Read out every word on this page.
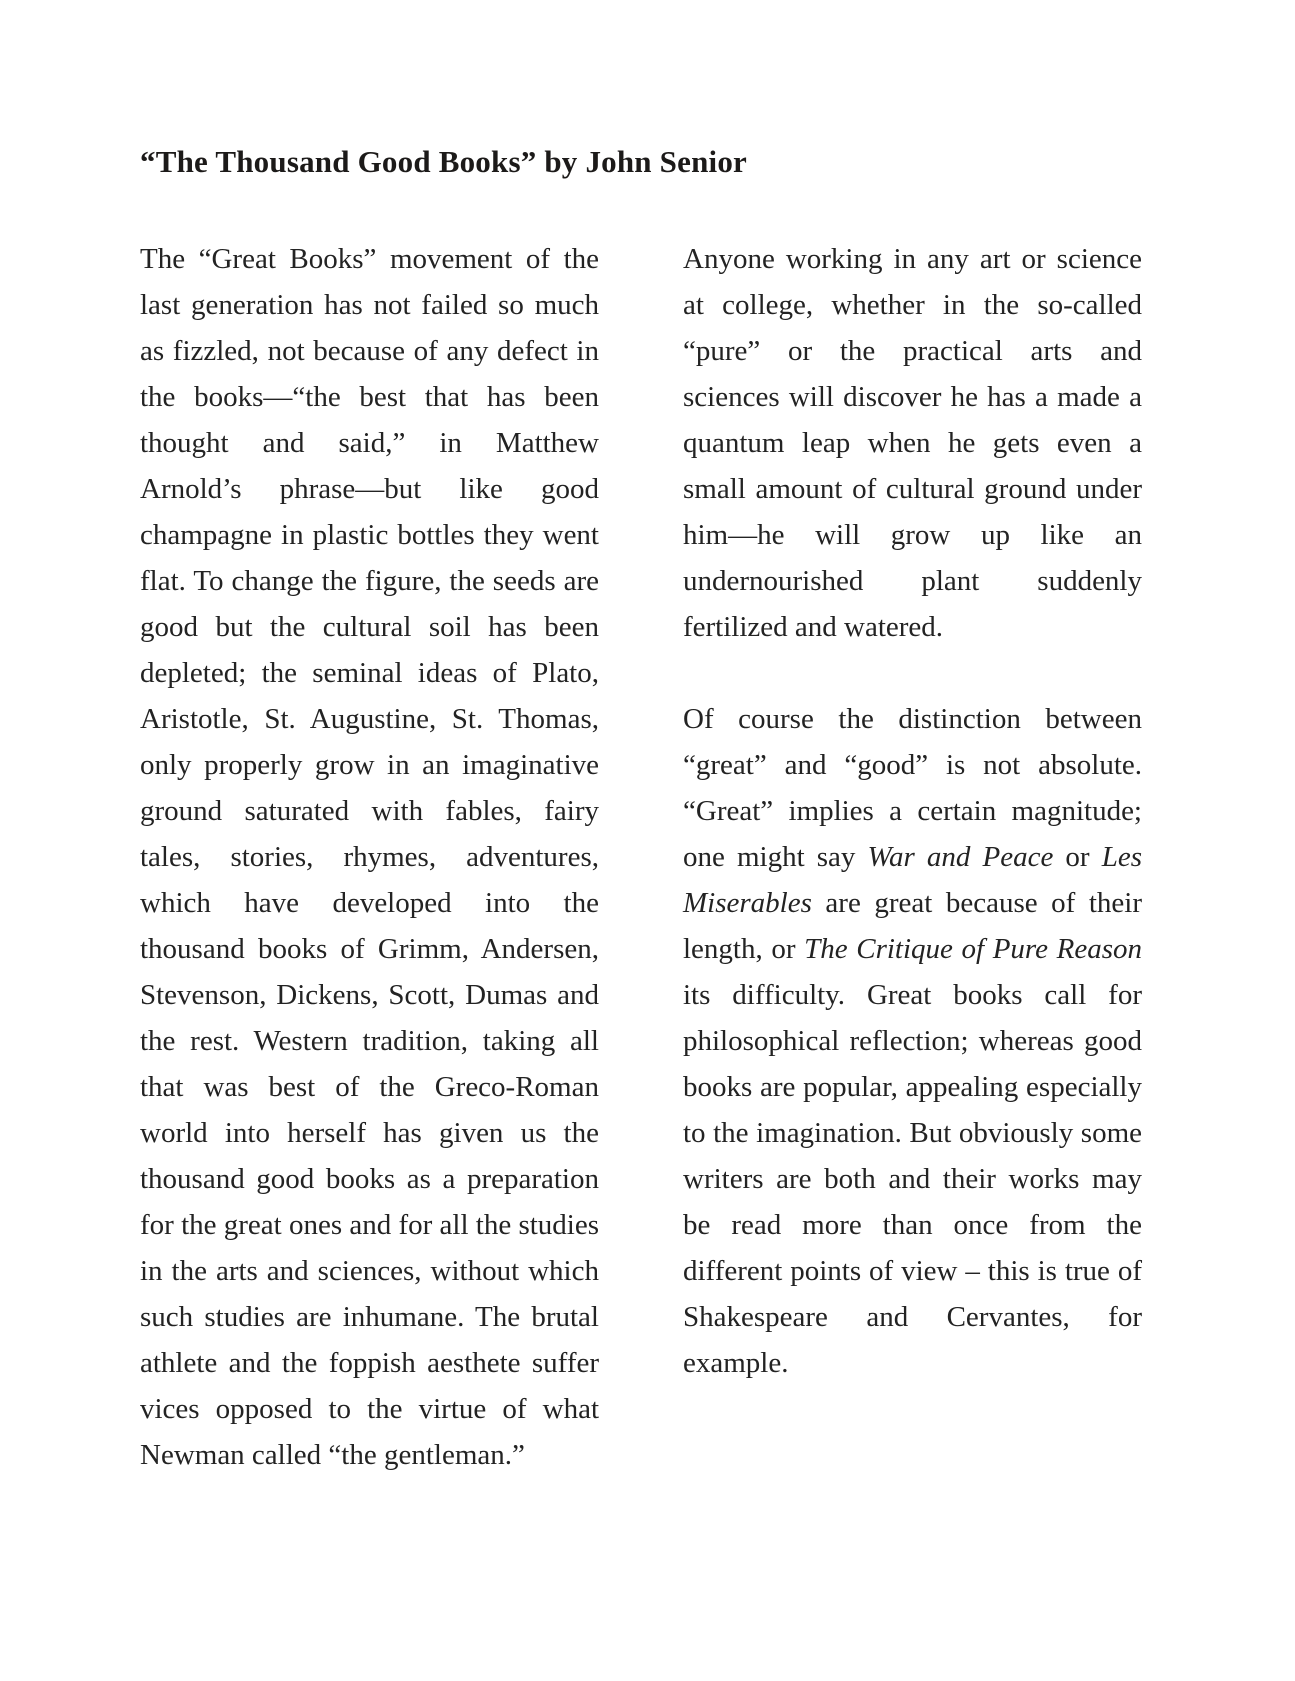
“The Thousand Good Books” by John Senior

The “Great Books” movement of the last generation has not failed so much as fizzled, not because of any defect in the books—“the best that has been thought and said,” in Matthew Arnold’s phrase—but like good champagne in plastic bottles they went flat. To change the figure, the seeds are good but the cultural soil has been depleted; the seminal ideas of Plato, Aristotle, St. Augustine, St. Thomas, only properly grow in an imaginative ground saturated with fables, fairy tales, stories, rhymes, adventures, which have developed into the thousand books of Grimm, Andersen, Stevenson, Dickens, Scott, Dumas and the rest. Western tradition, taking all that was best of the Greco-Roman world into herself has given us the thousand good books as a preparation for the great ones and for all the studies in the arts and sciences, without which such studies are inhumane. The brutal athlete and the foppish aesthete suffer vices opposed to the virtue of what Newman called “the gentleman.”

Anyone working in any art or science at college, whether in the so-called “pure” or the practical arts and sciences will discover he has a made a quantum leap when he gets even a small amount of cultural ground under him—he will grow up like an undernourished plant suddenly fertilized and watered.

Of course the distinction between “great” and “good” is not absolute. “Great” implies a certain magnitude; one might say War and Peace or Les Miserables are great because of their length, or The Critique of Pure Reason its difficulty. Great books call for philosophical reflection; whereas good books are popular, appealing especially to the imagination. But obviously some writers are both and their works may be read more than once from the different points of view – this is true of Shakespeare and Cervantes, for example.
